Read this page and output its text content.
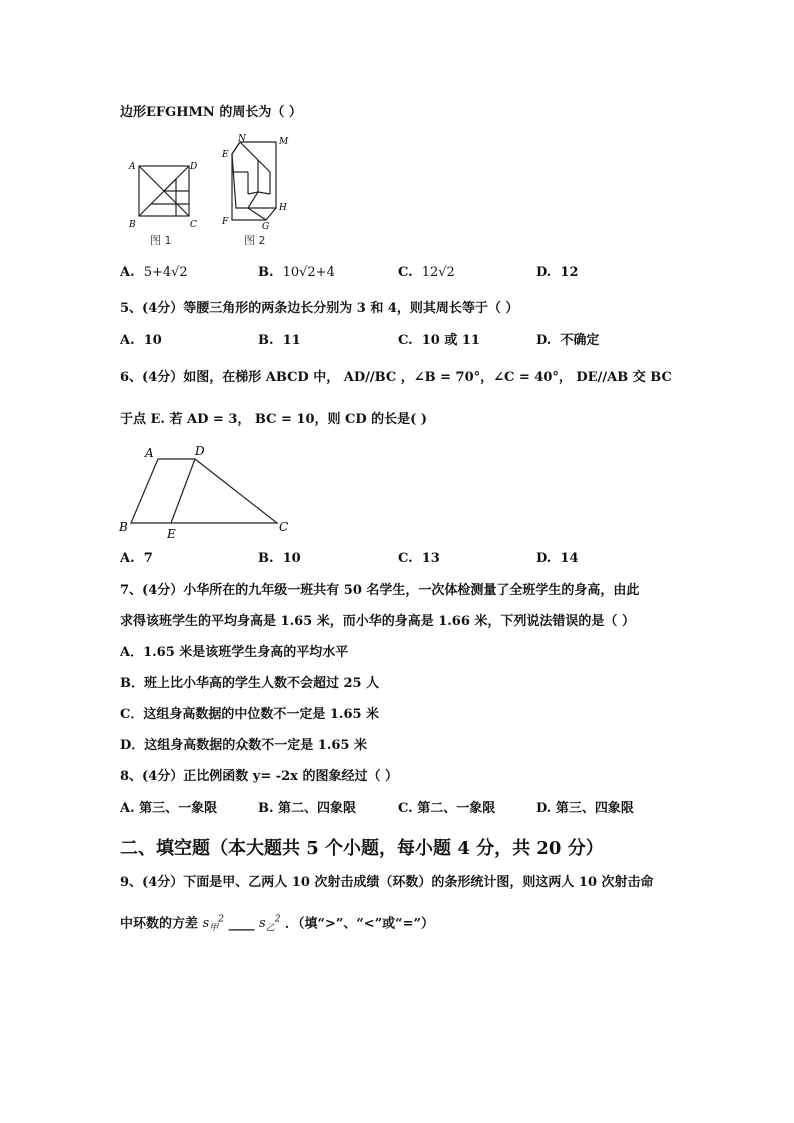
边形EFGHMN 的周长为（ ）
A	D
B	C
图 1
N	M
E
H
F	G
图 2
A. 5+4√2	B. 10√2+4	C. 12√2	D. 12
5、(4分）等腰三角形的两条边长分别为 3 和 4，则其周长等于（ ）
A. 10	B. 11	C. 10 或 11	D. 不确定
6、(4分）如图，在梯形 ABCD 中， AD//BC ，∠B = 70°，∠C = 40°， DE//AB 交 BC
于点 E. 若 AD = 3， BC = 10，则 CD 的长是( )
A	D
B	E	C
A. 7	B. 10	C. 13	D. 14
7、(4分）小华所在的九年级一班共有 50 名学生，一次体检测量了全班学生的身高，由此
求得该班学生的平均身高是 1.65 米，而小华的身高是 1.66 米，下列说法错误的是（ ）
A．1.65 米是该班学生身高的平均水平
B．班上比小华高的学生人数不会超过 25 人
C．这组身高数据的中位数不一定是 1.65 米
D．这组身高数据的众数不一定是 1.65 米
8、(4分）正比例函数 y= -2x 的图象经过（ ）
A. 第三、一象限	B. 第二、四象限	C. 第二、一象限	D. 第三、四象限
二、填空题（本大题共 5 个小题，每小题 4 分，共 20 分）
9、(4分）下面是甲、乙两人 10 次射击成绩（环数）的条形统计图，则这两人 10 次射击命
中环数的方差 $s_甲^2$ ____ $s_乙^2$ ．（填“>”、“<”或“=”）
